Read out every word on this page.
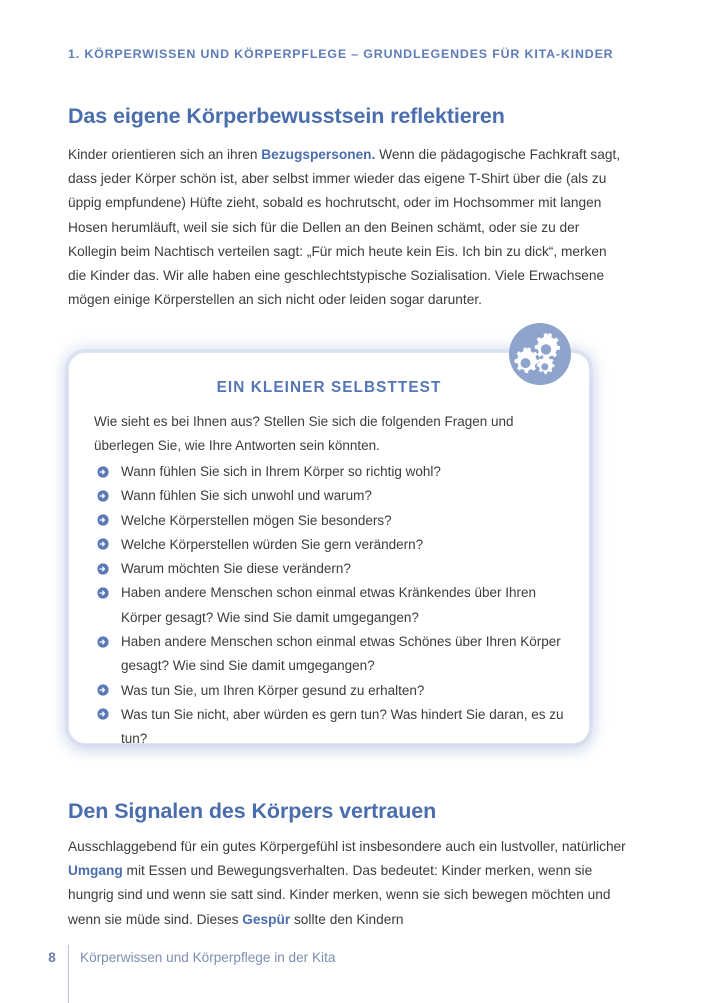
1. KÖRPERWISSEN UND KÖRPERPFLEGE – GRUNDLEGENDES FÜR KITA-KINDER
Das eigene Körperbewusstsein reflektieren

Kinder orientieren sich an ihren Bezugspersonen. Wenn die pädagogische Fachkraft sagt, dass jeder Körper schön ist, aber selbst immer wieder das eigene T-Shirt über die (als zu üppig empfundene) Hüfte zieht, sobald es hochrutscht, oder im Hochsommer mit langen Hosen herumläuft, weil sie sich für die Dellen an den Beinen schämt, oder sie zu der Kollegin beim Nachtisch verteilen sagt: „Für mich heute kein Eis. Ich bin zu dick“, merken die Kinder das. Wir alle haben eine geschlechtstypische Sozialisation. Viele Erwachsene mögen einige Körperstellen an sich nicht oder leiden sogar darunter.

EIN KLEINER SELBSTTEST
Wie sieht es bei Ihnen aus? Stellen Sie sich die folgenden Fragen und überlegen Sie, wie Ihre Antworten sein könnten.
Wann fühlen Sie sich in Ihrem Körper so richtig wohl?
Wann fühlen Sie sich unwohl und warum?
Welche Körperstellen mögen Sie besonders?
Welche Körperstellen würden Sie gern verändern?
Warum möchten Sie diese verändern?
Haben andere Menschen schon einmal etwas Kränkendes über Ihren Körper gesagt? Wie sind Sie damit umgegangen?
Haben andere Menschen schon einmal etwas Schönes über Ihren Körper gesagt? Wie sind Sie damit umgegangen?
Was tun Sie, um Ihren Körper gesund zu erhalten?
Was tun Sie nicht, aber würden es gern tun? Was hindert Sie daran, es zu tun?
Den Signalen des Körpers vertrauen

Ausschlaggebend für ein gutes Körpergefühl ist insbesondere auch ein lustvoller, natürlicher Umgang mit Essen und Bewegungsverhalten. Das bedeutet: Kinder merken, wenn sie hungrig sind und wenn sie satt sind. Kinder merken, wenn sie sich bewegen möchten und wenn sie müde sind. Dieses Gespür sollte den Kindern

8	Körperwissen und Körperpflege in der Kita
